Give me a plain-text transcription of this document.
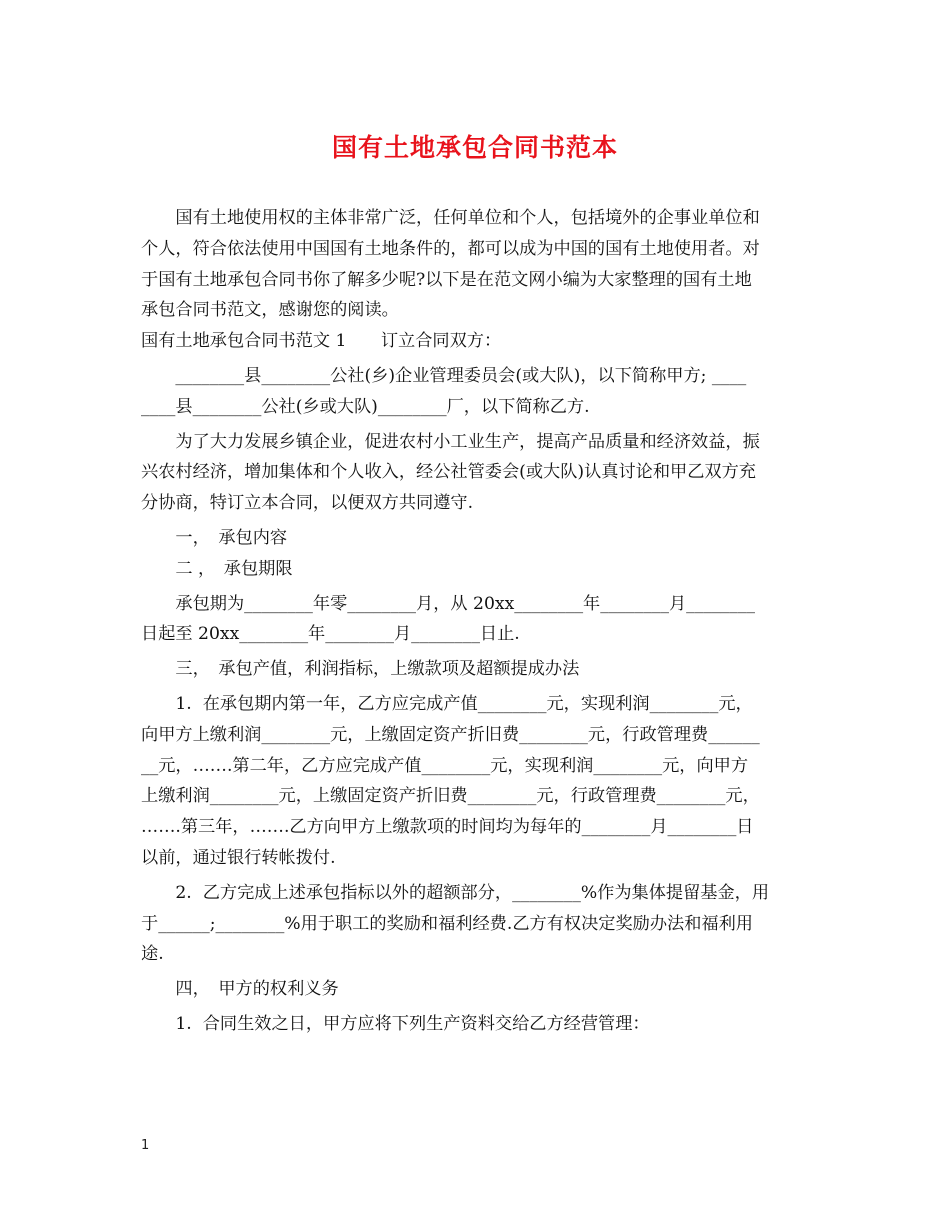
国有土地承包合同书范本
　　国有土地使用权的主体非常广泛，任何单位和个人，包括境外的企事业单位和
个人，符合依法使用中国国有土地条件的，都可以成为中国的国有土地使用者。对
于国有土地承包合同书你了解多少呢?以下是在范文网小编为大家整理的国有土地
承包合同书范文，感谢您的阅读。
国有土地承包合同书范文 1　　订立合同双方：
　　________县________公社(乡)企业管理委员会(或大队)，以下简称甲方; ____
____县________公社(乡或大队)________厂，以下简称乙方.
　　为了大力发展乡镇企业，促进农村小工业生产，提高产品质量和经济效益，振
兴农村经济，增加集体和个人收入，经公社管委会(或大队)认真讨论和甲乙双方充
分协商，特订立本合同，以便双方共同遵守.
　　一，　承包内容
　　二 ，　承包期限
　　承包期为________年零________月，从 20xx________年________月________
日起至 20xx________年________月________日止.
　　三，　承包产值，利润指标，上缴款项及超额提成办法
　　1.  在承包期内第一年，乙方应完成产值________元，实现利润________元，
向甲方上缴利润________元，上缴固定资产折旧费________元，行政管理费______
__元，…….第二年，乙方应完成产值________元，实现利润________元，向甲方
上缴利润________元，上缴固定资产折旧费________元，行政管理费________元，
…….第三年，…….乙方向甲方上缴款项的时间均为每年的________月________日
以前，通过银行转帐拨付.
　　2.  乙方完成上述承包指标以外的超额部分，________%作为集体提留基金，用
于______;________%用于职工的奖励和福利经费.乙方有权决定奖励办法和福利用
途.
　　四，　甲方的权利义务
　　1.  合同生效之日，甲方应将下列生产资料交给乙方经营管理：
1
